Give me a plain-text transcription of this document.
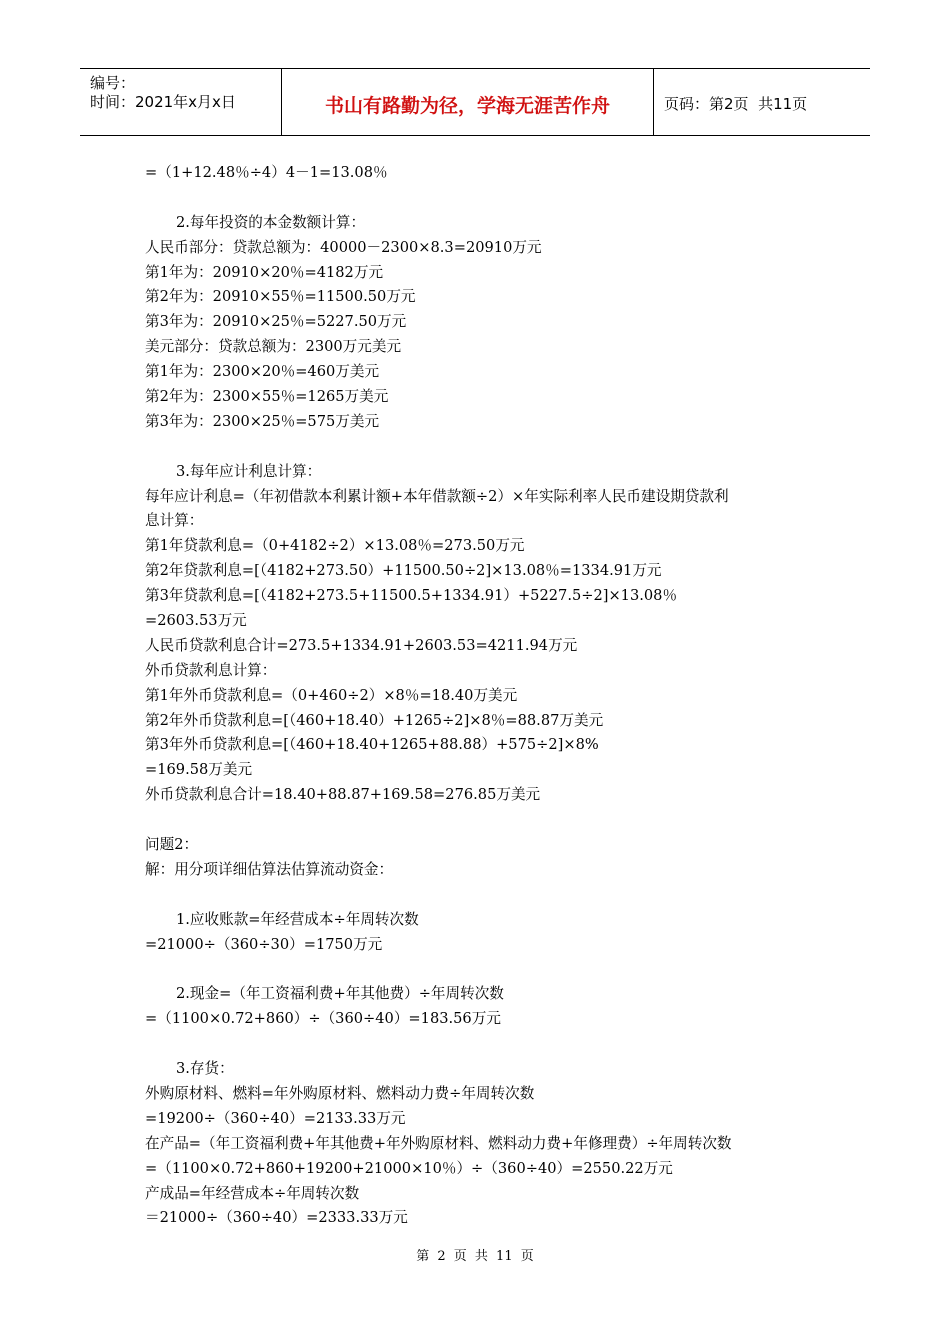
编号：
时间：2021年x月x日	书山有路勤为径，学海无涯苦作舟	页码：第2页  共11页
=（1+12.48％÷4）4－1=13.08％
2.每年投资的本金数额计算：
人民币部分：贷款总额为：40000－2300×8.3=20910万元
第1年为：20910×20％=4182万元
第2年为：20910×55％=11500.50万元
第3年为：20910×25％=5227.50万元
美元部分：贷款总额为：2300万元美元
第1年为：2300×20％=460万美元
第2年为：2300×55％=1265万美元
第3年为：2300×25％=575万美元
3.每年应计利息计算：
每年应计利息=（年初借款本利累计额+本年借款额÷2）×年实际利率人民币建设期贷款利
息计算：
第1年贷款利息=（0+4182÷2）×13.08％=273.50万元
第2年贷款利息=[（4182+273.50）+11500.50÷2]×13.08％=1334.91万元
第3年贷款利息=[（4182+273.5+11500.5+1334.91）+5227.5÷2]×13.08％
=2603.53万元
人民币贷款利息合计=273.5+1334.91+2603.53=4211.94万元
外币贷款利息计算：
第1年外币贷款利息=（0+460÷2）×8％=18.40万美元
第2年外币贷款利息=[（460+18.40）+1265÷2]×8％=88.87万美元
第3年外币贷款利息=[（460+18.40+1265+88.88）+575÷2]×8%
=169.58万美元
外币贷款利息合计=18.40+88.87+169.58=276.85万美元
问题2：
解：用分项详细估算法估算流动资金：
1.应收账款=年经营成本÷年周转次数
=21000÷（360÷30）=1750万元
2.现金=（年工资福利费+年其他费）÷年周转次数
=（1100×0.72+860）÷（360÷40）=183.56万元
3.存货：
外购原材料、燃料=年外购原材料、燃料动力费÷年周转次数
=19200÷（360÷40）=2133.33万元
在产品=（年工资福利费+年其他费+年外购原材料、燃料动力费+年修理费）÷年周转次数
=（1100×0.72+860+19200+21000×10％）÷（360÷40）=2550.22万元
产成品=年经营成本÷年周转次数
＝21000÷（360÷40）=2333.33万元
第 2 页 共 11 页
